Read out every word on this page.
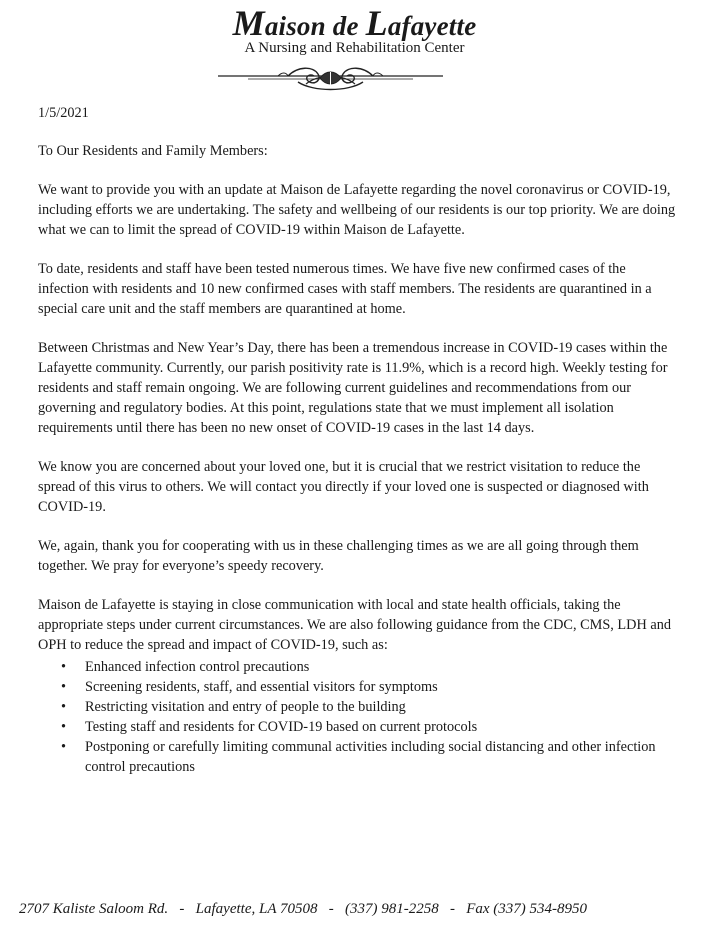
Maison de Lafayette
A Nursing and Rehabilitation Center
1/5/2021
To Our Residents and Family Members:

We want to provide you with an update at Maison de Lafayette regarding the novel coronavirus or COVID-19, including efforts we are undertaking. The safety and wellbeing of our residents is our top priority. We are doing what we can to limit the spread of COVID-19 within Maison de Lafayette.

To date, residents and staff have been tested numerous times. We have five new confirmed cases of the infection with residents and 10 new confirmed cases with staff members. The residents are quarantined in a special care unit and the staff members are quarantined at home.

Between Christmas and New Year’s Day, there has been a tremendous increase in COVID-19 cases within the Lafayette community. Currently, our parish positivity rate is 11.9%, which is a record high. Weekly testing for residents and staff remain ongoing. We are following current guidelines and recommendations from our governing and regulatory bodies. At this point, regulations state that we must implement all isolation requirements until there has been no new onset of COVID-19 cases in the last 14 days.

We know you are concerned about your loved one, but it is crucial that we restrict visitation to reduce the spread of this virus to others. We will contact you directly if your loved one is suspected or diagnosed with COVID-19.

We, again, thank you for cooperating with us in these challenging times as we are all going through them together. We pray for everyone’s speedy recovery.

Maison de Lafayette is staying in close communication with local and state health officials, taking the appropriate steps under current circumstances. We are also following guidance from the CDC, CMS, LDH and OPH to reduce the spread and impact of COVID-19, such as:

• Enhanced infection control precautions
• Screening residents, staff, and essential visitors for symptoms
• Restricting visitation and entry of people to the building
• Testing staff and residents for COVID-19 based on current protocols
• Postponing or carefully limiting communal activities including social distancing and other infection control precautions
2707 Kaliste Saloom Rd. - Lafayette, LA 70508 - (337) 981-2258 - Fax (337) 534-8950
